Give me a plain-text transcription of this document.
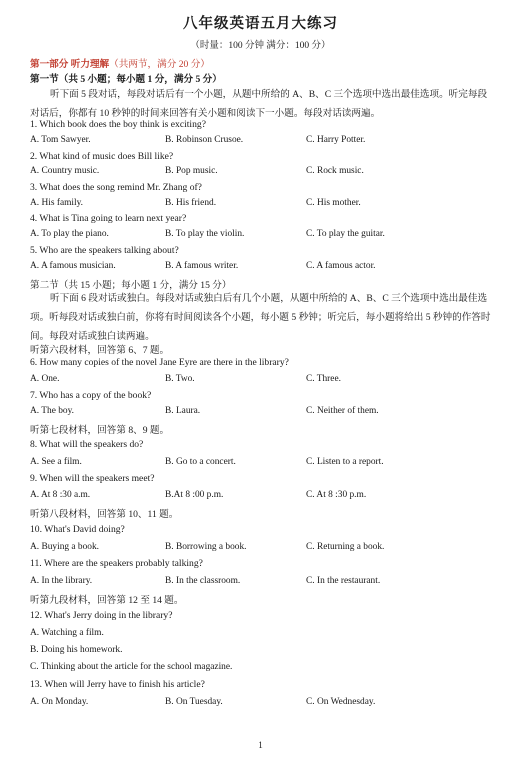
八年级英语五月大练习
（时量：100 分钟 满分：100 分）
第一部分 听力理解（共两节，满分 20 分）
第一节（共 5 小题；每小题 1 分，满分 5 分）
听下面 5 段对话，每段对话后有一个小题，从题中所给的 A、B、C 三个选项中选出最佳选项。听完每段对话后，你都有 10 秒钟的时间来回答有关小题和阅读下一小题。每段对话读两遍。
1. Which book does the boy think is exciting?
A. Tom Sawyer.	B. Robinson Crusoe.	C. Harry Potter.
2. What kind of music does Bill like?
A. Country music.	B. Pop music.	C. Rock music.
3. What does the song remind Mr. Zhang of?
A. His family.	B. His friend.	C. His mother.
4. What is Tina going to learn next year?
A. To play the piano.	B. To play the violin.	C. To play the guitar.
5. Who are the speakers talking about?
A. A famous musician.	B. A famous writer.	C. A famous actor.
第二节（共 15 小题；每小题 1 分，满分 15 分）
听下面 6 段对话或独白。每段对话或独白后有几个小题，从题中所给的 A、B、C 三个选项中选出最佳选项。听每段对话或独白前，你将有时间阅读各个小题，每小题 5 秒钟；听完后，每小题将给出 5 秒钟的作答时间。每段对话或独白读两遍。
听第六段材料，回答第 6、7 题。
6. How many copies of the novel Jane Eyre are there in the library?
A. One.	B. Two.	C. Three.
7. Who has a copy of the book?
A. The boy.	B. Laura.	C. Neither of them.
听第七段材料，回答第 8、9 题。
8. What will the speakers do?
A. See a film.	B. Go to a concert.	C. Listen to a report.
9. When will the speakers meet?
A. At 8 :30 a.m.	B.At 8 :00 p.m.	C. At 8 :30 p.m.
听第八段材料，回答第 10、11 题。
10. What's David doing?
A. Buying a book.	B. Borrowing a book.	C. Returning a book.
11. Where are the speakers probably talking?
A. In the library.	B. In the classroom.	C. In the restaurant.
听第九段材料，回答第 12 至 14 题。
12. What's Jerry doing in the library?
A. Watching a film.
B. Doing his homework.
C. Thinking about the article for the school magazine.
13. When will Jerry have to finish his article?
A. On Monday.	B. On Tuesday.	C. On Wednesday.
1
